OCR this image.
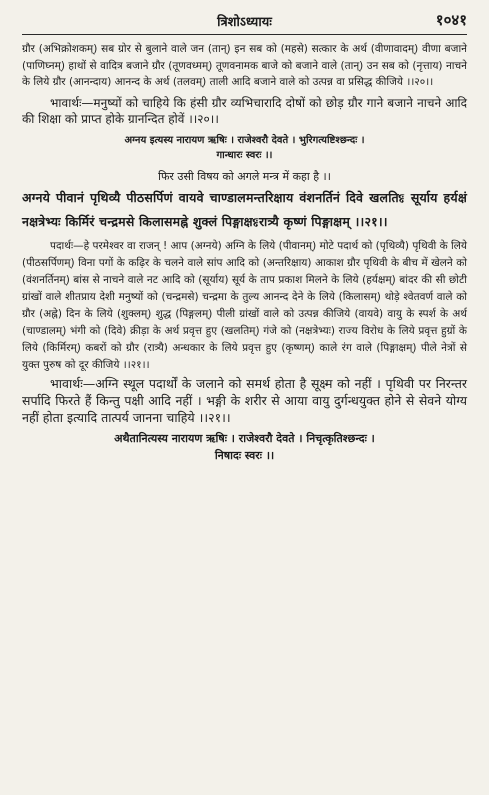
त्रिशोऽध्यायः	१०४१

ग्रौर (अभिक्रोशकम्) सब ग्रोर से बुलाने वाले जन (तान्) इन सब को (महसे) सत्कार के अर्थ (वीणावादम्) वीणा बजाने (पाणिघ्नम्) हाथों से वादित्र बजाने ग्रौर (तूणवध्मम्) तूणवनामक बाजे को बजाने वाले (तान्) उन सब को (नृत्ताय) नाचने के लिये ग्रौर (आनन्दाय) आनन्द के अर्थ (तलवम्) ताली आदि बजाने वाले को उत्पन्न वा प्रसिद्ध कीजिये ।।२०।।

भावार्थः—मनुष्यों को चाहिये कि हंसी ग्रौर व्यभिचारादि दोषों को छोड़ ग्रौर गाने बजाने नाचने आदि की शिक्षा को प्राप्त होके ग्रानन्दित होवें ।।२०।।

अग्नय इत्यस्य नारायण ऋषिः । राजेश्वरौ देवते । भुरिगत्यष्टिश्छन्दः ।
गान्धारः स्वरः ।।
फिर उसी विषय को अगले मन्त्र में कहा है ।।

अग्नये पीवानं पृथिव्यै पीठसर्पिणं वायवे चाण्डालमन्तरिक्षाय वंशनर्तिनं दिवे खलतिᳯ सूर्याय हर्यक्षं नक्षत्रेभ्यः किर्मिरं चन्द्रमसे किलासमह्ने शुक्लं पिङ्गाक्षᳯरात्र्यै कृष्णं पिङ्गाक्षम् ।।२१।।

पदार्थः—हे परमेश्वर वा राजन् ! आप (अग्नये) अग्नि के लिये (पीवानम्) मोटे पदार्थ को (पृथिव्यै) पृथिवी के लिये (पीठसर्पिणम्) विना पगों के कढ़िर के चलने वाले सांप आदि को (अन्तरिक्षाय) आकाश ग्रौर पृथिवी के बीच में खेलने को (वंशनर्तिनम्) बांस से नाचने वाले नट आदि को (सूर्याय) सूर्य के ताप प्रकाश मिलने के लिये (हर्यक्षम्) बांदर की सी छोटी ग्रांखों वाले शीतप्राय देशी मनुष्यों को (चन्द्रमसे) चन्द्रमा के तुल्य आनन्द देने के लिये (किलासम्) थोड़े श्वेतवर्ण वाले को ग्रौर (अह्ने) दिन के लिये (शुक्लम्) शुद्ध (पिङ्गलम्) पीली ग्रांखों वाले को उत्पन्न कीजिये (वायवे) वायु के स्पर्श के अर्थ (चाण्डालम्) भंगी को (दिवे) क्रीड़ा के अर्थ प्रवृत्त हुए (खलतिम्) गंजे को (नक्षत्रेभ्यः) राज्य विरोध के लिये प्रवृत्त हुग्रों के लिये (किर्मिरम्) कबरों को ग्रौर (रात्र्यै) अन्धकार के लिये प्रवृत्त हुए (कृष्णम्) काले रंग वाले (पिङ्गाक्षम्) पीले नेत्रों से युक्त पुरुष को दूर कीजिये ।।२१।।

भावार्थः—अग्नि स्थूल पदार्थों के जलाने को समर्थ होता है सूक्ष्म को नहीं । पृथिवी पर निरन्तर सर्पादि फिरते हैं किन्तु पक्षी आदि नहीं । भङ्गी के शरीर से आया वायु दुर्गन्धयुक्त होने से सेवने योग्य नहीं होता इत्यादि तात्पर्य जानना चाहिये ।।२१।।

अथैतानित्यस्य नारायण ऋषिः । राजेश्वरौ देवते । निचृत्कृतिश्छन्दः ।
निषादः स्वरः ।।
